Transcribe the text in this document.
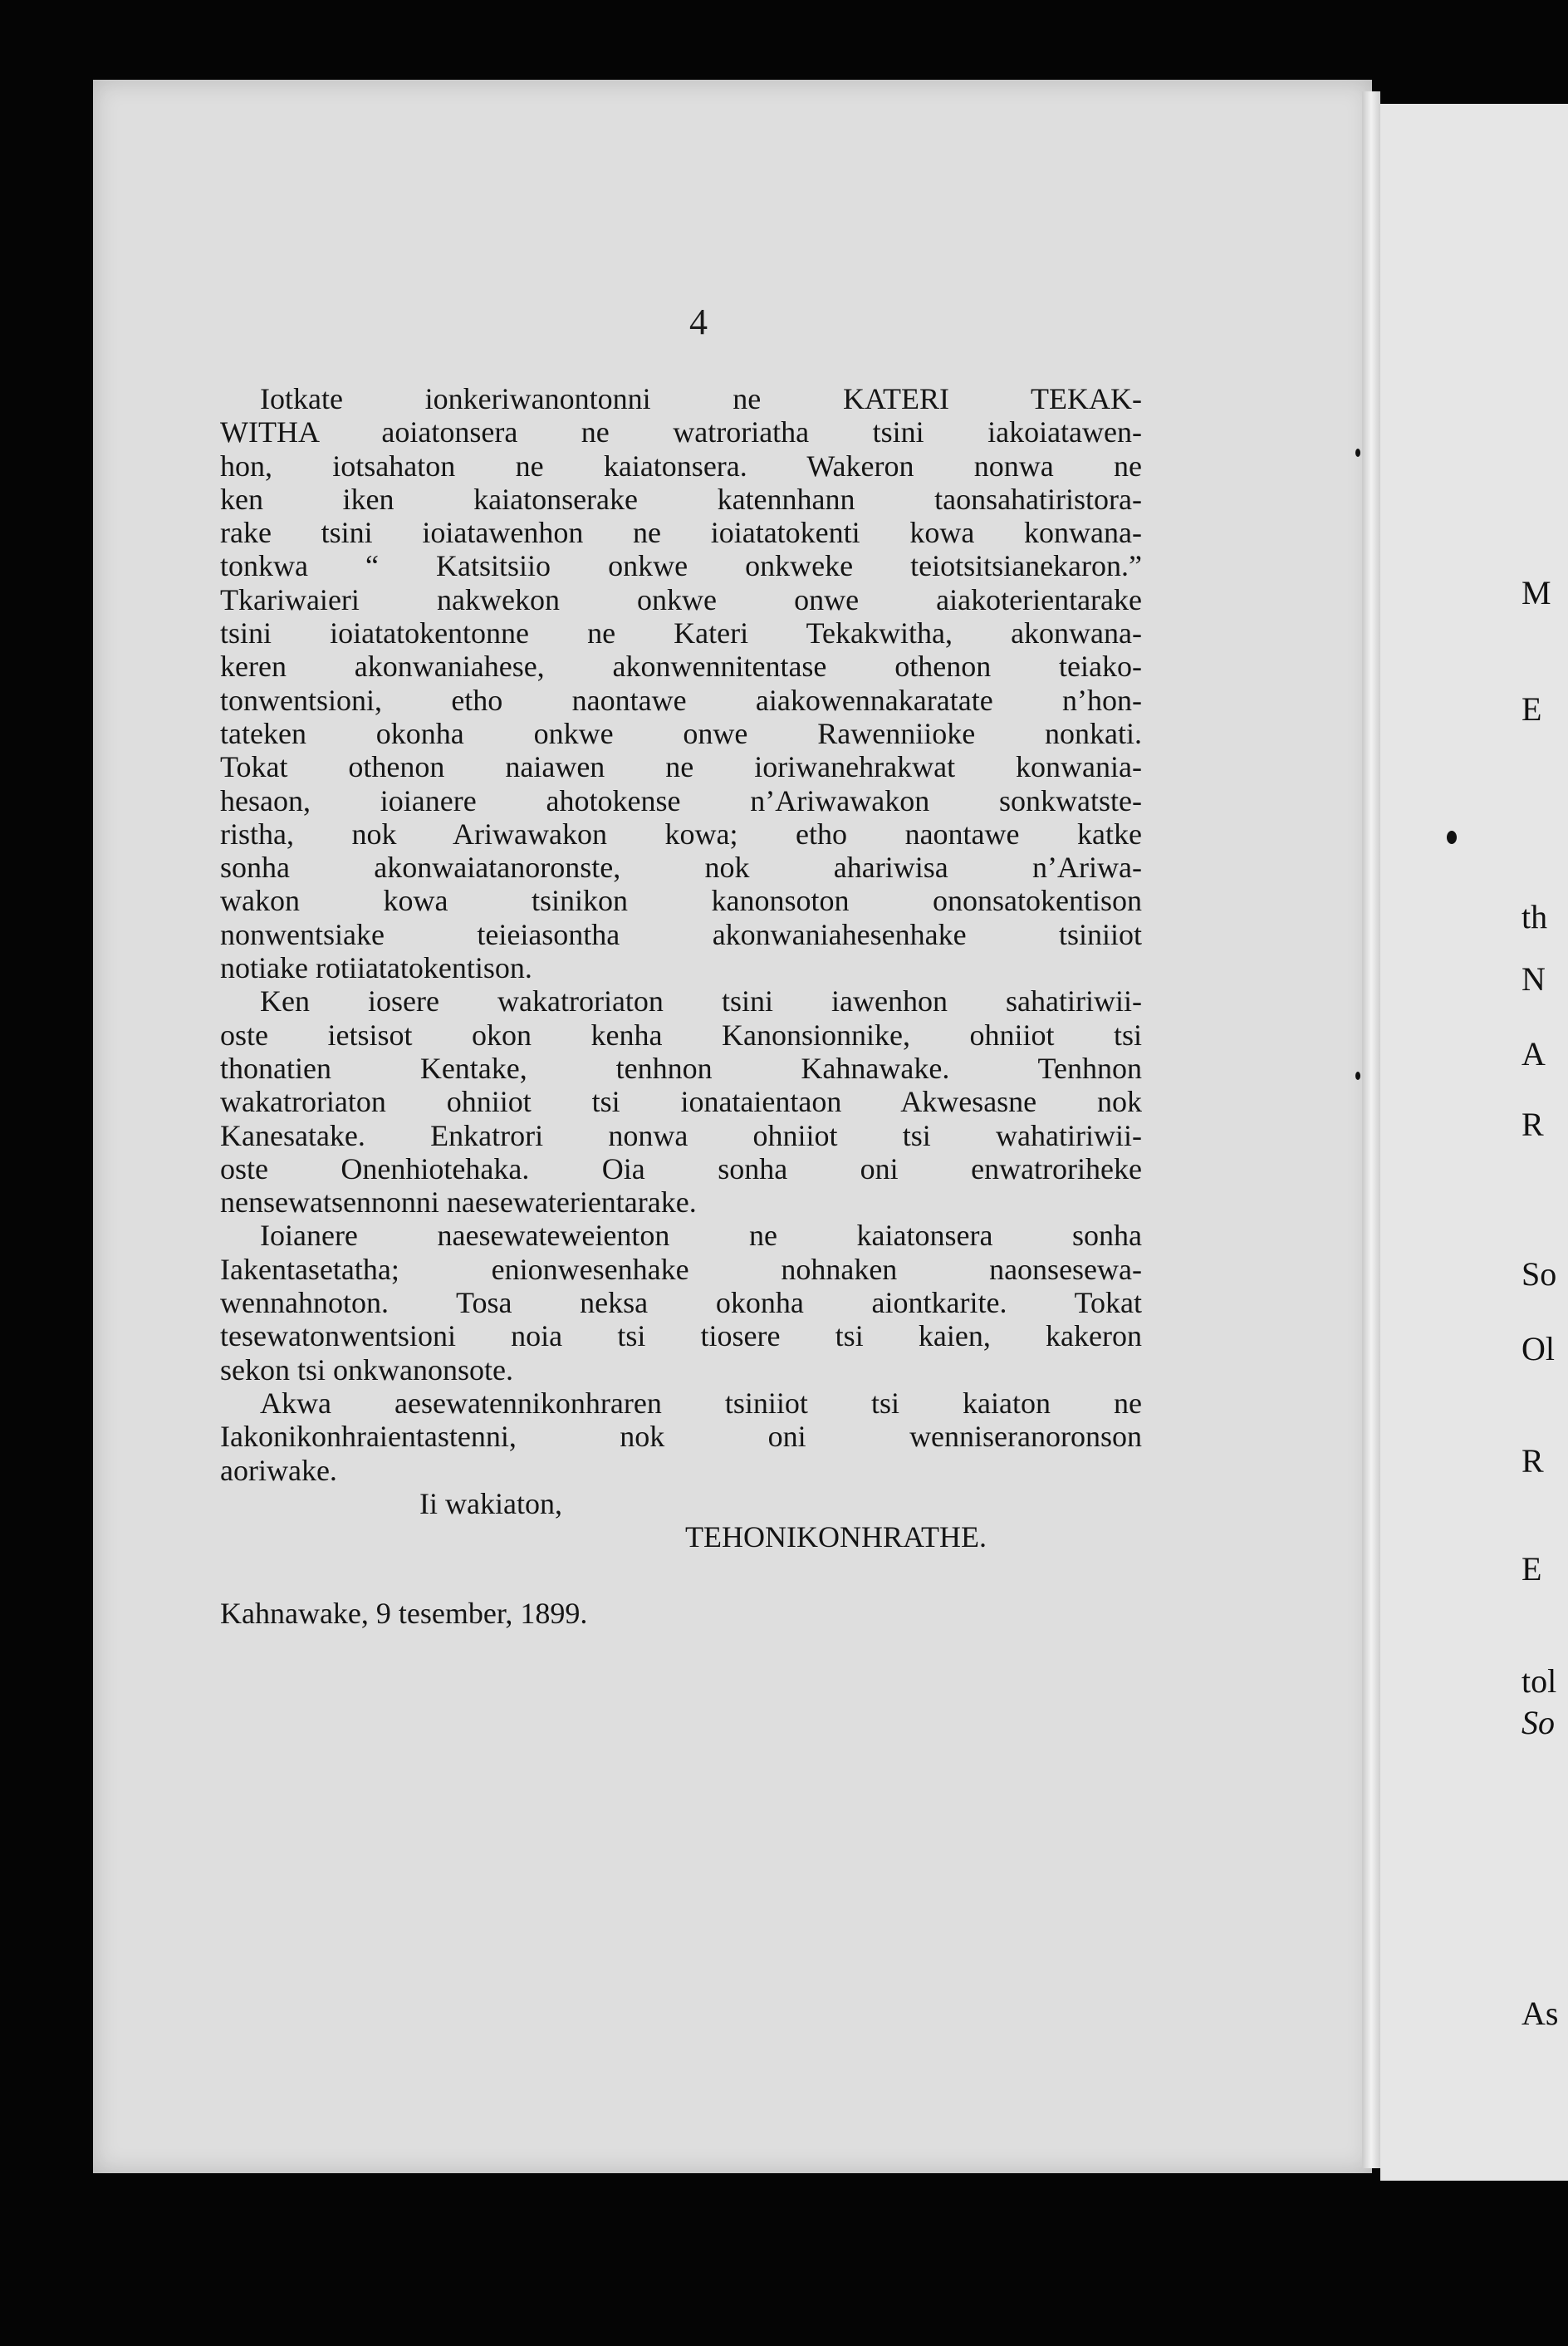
4
Iotkate ionkeriwanontonni ne KATERI TEKAK-
WITHA aoiatonsera ne watroriatha tsini iakoiatawen-
hon, iotsahaton ne kaiatonsera. Wakeron nonwa ne
ken iken kaiatonserake katennhann taonsahatiristora-
rake tsini ioiatawenhon ne ioiatatokenti kowa konwana-
tonkwa “ Katsitsiio onkwe onkweke teiotsitsianekaron.”
Tkariwaieri nakwekon onkwe onwe aiakoterientarake
tsini ioiatatokentonne ne Kateri Tekakwitha, akonwana-
keren akonwaniahese, akonwennitentase othenon teiako-
tonwentsioni, etho naontawe aiakowennakaratate n’hon-
tateken okonha onkwe onwe Rawenniioke nonkati.
Tokat othenon naiawen ne ioriwanehrakwat konwania-
hesaon, ioianere ahotokense n’Ariwawakon sonkwatste-
ristha, nok Ariwawakon kowa; etho naontawe katke
sonha akonwaiatanoronste, nok ahariwisa n’Ariwa-
wakon kowa tsinikon kanonsoton ononsatokentison
nonwentsiake teieiasontha akonwaniahesenhake tsiniiot
notiake rotiiatatokentison.
Ken iosere wakatroriaton tsini iawenhon sahatiriwii-
oste ietsisot okon kenha Kanonsionnike, ohniiot tsi
thonatien Kentake, tenhnon Kahnawake. Tenhnon
wakatroriaton ohniiot tsi ionataientaon Akwesasne nok
Kanesatake. Enkatrori nonwa ohniiot tsi wahatiriwii-
oste Onenhiotehaka. Oia sonha oni enwatroriheke
nensewatsennonni naesewaterientarake.
Ioianere naesewateweienton ne kaiatonsera sonha
Iakentasetatha; enionwesenhake nohnaken naonsesewa-
wennahnoton. Tosa neksa okonha aiontkarite. Tokat
tesewatonwentsioni noia tsi tiosere tsi kaien, kakeron
sekon tsi onkwanonsote.
Akwa aesewatennikonhraren tsiniiot tsi kaiaton ne
Iakonikonhraientastenni, nok oni wenniseranoronson
aoriwake.
Ii wakiaton,
TEHONIKONHRATHE.
Kahnawake, 9 tesember, 1899.
M
E
th
N
A
R
So
Ol
R
E
tol
So
As
